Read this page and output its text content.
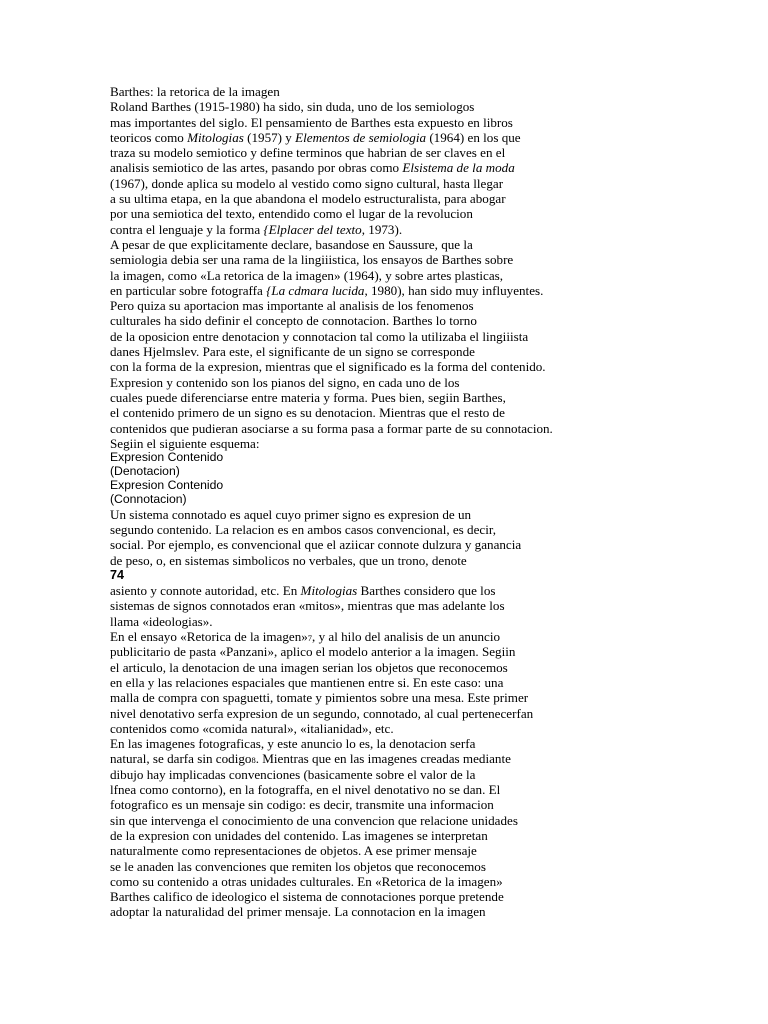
Barthes: la retorica de la imagen
Roland Barthes (1915-1980) ha sido, sin duda, uno de los semiologos
mas importantes del siglo. El pensamiento de Barthes esta expuesto en libros
teoricos como Mitologias (1957) y Elementos de semiologia (1964) en los que
traza su modelo semiotico y define terminos que habrian de ser claves en el
analisis semiotico de las artes, pasando por obras como Elsistema de la moda
(1967), donde aplica su modelo al vestido como signo cultural, hasta llegar
a su ultima etapa, en la que abandona el modelo estructuralista, para abogar
por una semiotica del texto, entendido como el lugar de la revolucion
contra el lenguaje y la forma {Elplacer del texto, 1973).
A pesar de que explicitamente declare, basandose en Saussure, que la
semiologia debia ser una rama de la lingiiistica, los ensayos de Barthes sobre
la imagen, como «La retorica de la imagen» (1964), y sobre artes plasticas,
en particular sobre fotograffa {La cdmara lucida, 1980), han sido muy influyentes.
Pero quiza su aportacion mas importante al analisis de los fenomenos
culturales ha sido definir el concepto de connotacion. Barthes lo torno
de la oposicion entre denotacion y connotacion tal como la utilizaba el lingiiista
danes Hjelmslev. Para este, el significante de un signo se corresponde
con la forma de la expresion, mientras que el significado es la forma del contenido.
Expresion y contenido son los pianos del signo, en cada uno de los
cuales puede diferenciarse entre materia y forma. Pues bien, segiin Barthes,
el contenido primero de un signo es su denotacion. Mientras que el resto de
contenidos que pudieran asociarse a su forma pasa a formar parte de su connotacion.
Segiin el siguiente esquema:
Expresion Contenido
(Denotacion)
Expresion Contenido
(Connotacion)
Un sistema connotado es aquel cuyo primer signo es expresion de un
segundo contenido. La relacion es en ambos casos convencional, es decir,
social. Por ejemplo, es convencional que el aziicar connote dulzura y ganancia
de peso, o, en sistemas simbolicos no verbales, que un trono, denote
74
asiento y connote autoridad, etc. En Mitologias Barthes considero que los
sistemas de signos connotados eran «mitos», mientras que mas adelante los
llama «ideologias».
En el ensayo «Retorica de la imagen»7, y al hilo del analisis de un anuncio
publicitario de pasta «Panzani», aplico el modelo anterior a la imagen. Segiin
el articulo, la denotacion de una imagen serian los objetos que reconocemos
en ella y las relaciones espaciales que mantienen entre si. En este caso: una
malla de compra con spaguetti, tomate y pimientos sobre una mesa. Este primer
nivel denotativo serfa expresion de un segundo, connotado, al cual pertenecerfan
contenidos como «comida natural», «italianidad», etc.
En las imagenes fotograficas, y este anuncio lo es, la denotacion serfa
natural, se darfa sin codigo8. Mientras que en las imagenes creadas mediante
dibujo hay implicadas convenciones (basicamente sobre el valor de la
lfnea como contorno), en la fotograffa, en el nivel denotativo no se dan. El
fotografico es un mensaje sin codigo: es decir, transmite una informacion
sin que intervenga el conocimiento de una convencion que relacione unidades
de la expresion con unidades del contenido. Las imagenes se interpretan
naturalmente como representaciones de objetos. A ese primer mensaje
se le anaden las convenciones que remiten los objetos que reconocemos
como su contenido a otras unidades culturales. En «Retorica de la imagen»
Barthes califico de ideologico el sistema de connotaciones porque pretende
adoptar la naturalidad del primer mensaje. La connotacion en la imagen
